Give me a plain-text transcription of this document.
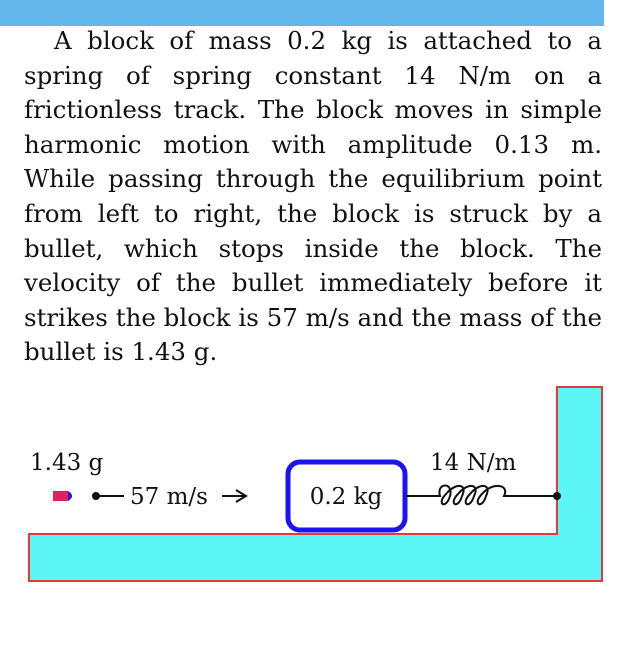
A block of mass 0.2 kg is attached to a spring of spring constant 14 N/m on a frictionless track. The block moves in simple harmonic motion with amplitude 0.13 m. While passing through the equilibrium point from left to right, the block is struck by a bullet, which stops inside the block. The velocity of the bullet immediately before it strikes the block is 57 m/s and the mass of the bullet is 1.43 g.
57 m/s
1.43 g
0.2 kg
14 N/m
